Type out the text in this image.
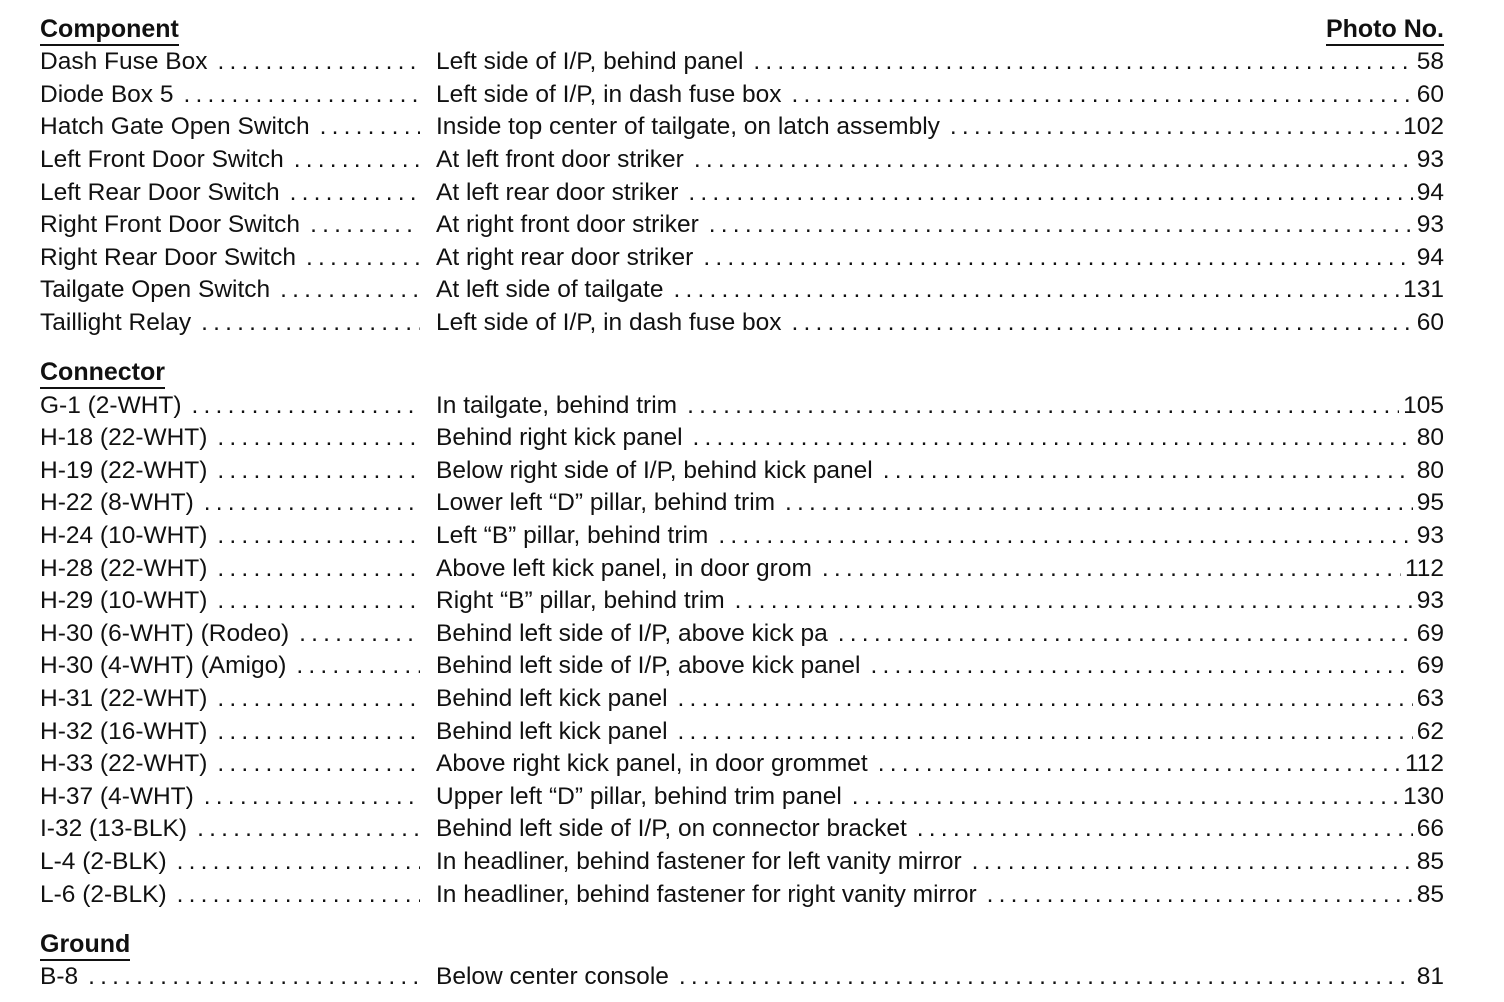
Component	Photo No.
Dash Fuse Box .....	Left side of I/P, behind panel .....	58
Diode Box 5 .....	Left side of I/P, in dash fuse box .....	60
Hatch Gate Open Switch .....	Inside top center of tailgate, on latch assembly .....	102
Left Front Door Switch .....	At left front door striker .....	93
Left Rear Door Switch .....	At left rear door striker .....	94
Right Front Door Switch .....	At right front door striker .....	93
Right Rear Door Switch .....	At right rear door striker .....	94
Tailgate Open Switch .....	At left side of tailgate .....	131
Taillight Relay .....	Left side of I/P, in dash fuse box .....	60
Connector
G-1 (2-WHT) .....	In tailgate, behind trim .....	105
H-18 (22-WHT) .....	Behind right kick panel .....	80
H-19 (22-WHT) .....	Below right side of I/P, behind kick panel .....	80
H-22 (8-WHT) .....	Lower left “D” pillar, behind trim .....	95
H-24 (10-WHT) .....	Left “B” pillar, behind trim .....	93
H-28 (22-WHT) .....	Above left kick panel, in door grom .....	112
H-29 (10-WHT) .....	Right “B” pillar, behind trim .....	93
H-30 (6-WHT) (Rodeo) .....	Behind left side of I/P, above kick pa .....	69
H-30 (4-WHT) (Amigo) .....	Behind left side of I/P, above kick panel .....	69
H-31 (22-WHT) .....	Behind left kick panel .....	63
H-32 (16-WHT) .....	Behind left kick panel .....	62
H-33 (22-WHT) .....	Above right kick panel, in door grommet .....	112
H-37 (4-WHT) .....	Upper left “D” pillar, behind trim panel .....	130
I-32 (13-BLK) .....	Behind left side of I/P, on connector bracket .....	66
L-4 (2-BLK) .....	In headliner, behind fastener for left vanity mirror .....	85
L-6 (2-BLK) .....	In headliner, behind fastener for right vanity mirror .....	85
Ground
B-8 .....	Below center console .....	81
